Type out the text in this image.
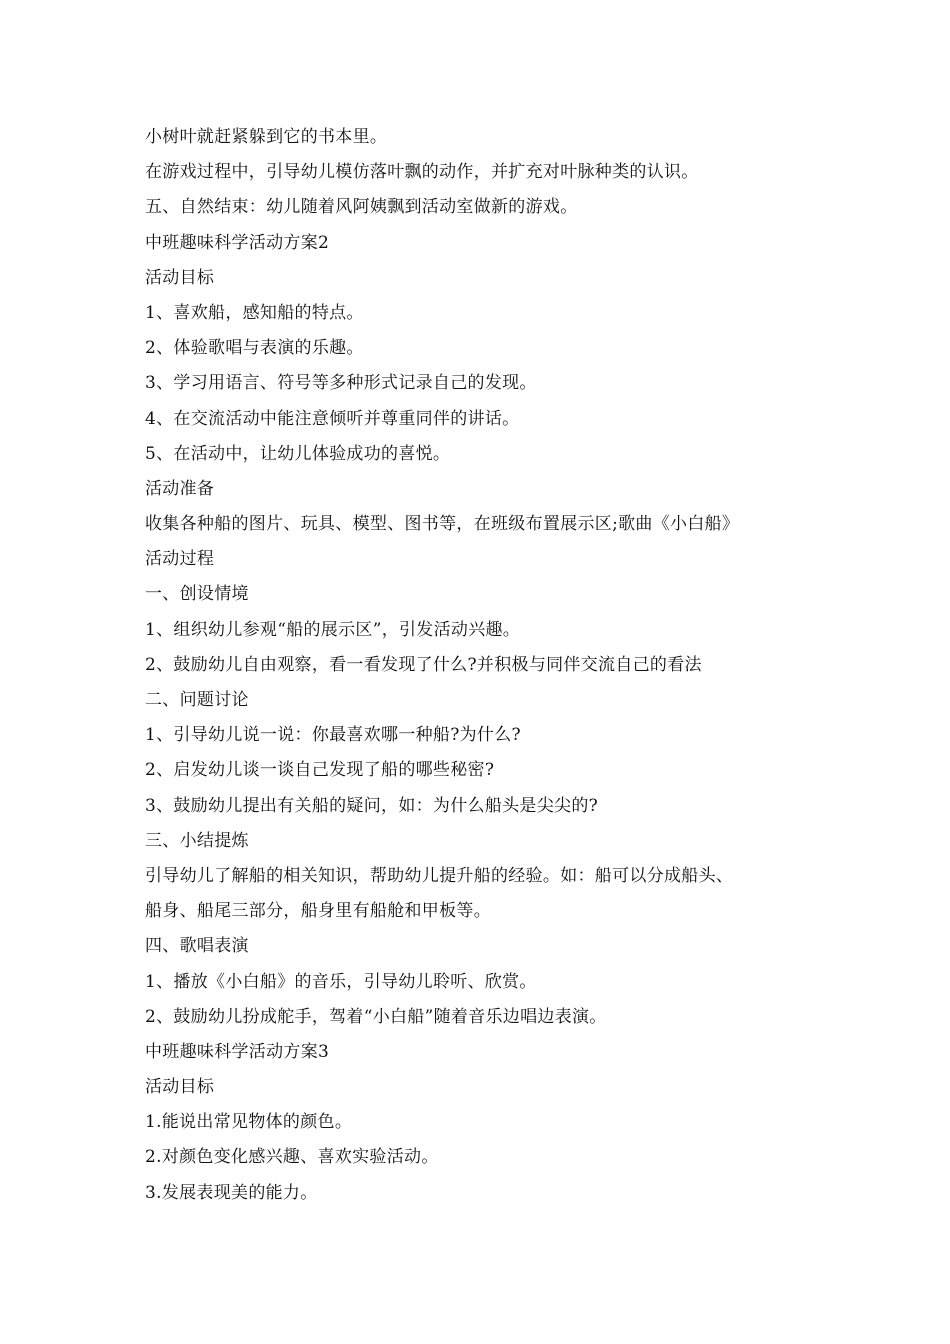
小树叶就赶紧躲到它的书本里。
在游戏过程中，引导幼儿模仿落叶飘的动作，并扩充对叶脉种类的认识。
五、自然结束：幼儿随着风阿姨飘到活动室做新的游戏。
中班趣味科学活动方案2
活动目标
1、喜欢船，感知船的特点。
2、体验歌唱与表演的乐趣。
3、学习用语言、符号等多种形式记录自己的发现。
4、在交流活动中能注意倾听并尊重同伴的讲话。
5、在活动中，让幼儿体验成功的喜悦。
活动准备
收集各种船的图片、玩具、模型、图书等，在班级布置展示区;歌曲《小白船》
活动过程
一、创设情境
1、组织幼儿参观“船的展示区”，引发活动兴趣。
2、鼓励幼儿自由观察，看一看发现了什么?并积极与同伴交流自己的看法
二、问题讨论
1、引导幼儿说一说：你最喜欢哪一种船?为什么?
2、启发幼儿谈一谈自己发现了船的哪些秘密?
3、鼓励幼儿提出有关船的疑问，如：为什么船头是尖尖的?
三、小结提炼
引导幼儿了解船的相关知识，帮助幼儿提升船的经验。如：船可以分成船头、
船身、船尾三部分，船身里有船舱和甲板等。
四、歌唱表演
1、播放《小白船》的音乐，引导幼儿聆听、欣赏。
2、鼓励幼儿扮成舵手，驾着“小白船”随着音乐边唱边表演。
中班趣味科学活动方案3
活动目标
1.能说出常见物体的颜色。
2.对颜色变化感兴趣、喜欢实验活动。
3.发展表现美的能力。
